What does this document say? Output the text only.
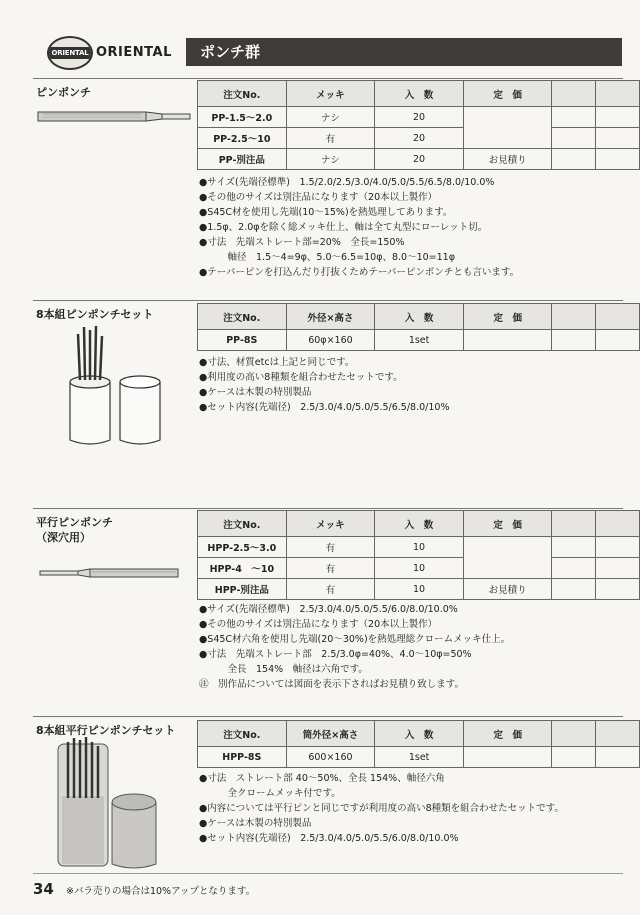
ORIENTAL ORIENTAL	ポンチ群
ピンポンチ	注文No.	メッキ	入　数	定　価		
PP-1.5〜2.0	ナシ	20			
PP-2.5〜10	有	20			
PP-別注品	ナシ	20	お見積り		
●サイズ(先端径標準)　1.5/2.0/2.5/3.0/4.0/5.0/5.5/6.5/8.0/10.0%
●その他のサイズは別注品になります（20本以上製作）
●S45C材を使用し先端(10〜15%)を熱処理してあります。
●1.5φ、2.0φを除く総メッキ仕上、軸は全て丸型にローレット切。
●寸法　先端ストレート部=20%　全長=150%
　　　軸径　1.5〜4=9φ、5.0〜6.5=10φ、8.0〜10=11φ
●テーパーピンを打込んだり打抜くためテーパーピンポンチとも言います。
8本組ピンポンチセット	注文No.	外径×高さ	入　数	定　価		
PP-8S	60φ×160	1set			
●寸法、材質etcは上記と同じです。
●利用度の高い8種類を組合わせたセットです。
●ケースは木製の特別製品
●セット内容(先端径)　2.5/3.0/4.0/5.0/5.5/6.5/8.0/10%
平行ピンポンチ
（深穴用）
注文No.	メッキ	入　数	定　価		
HPP-2.5〜3.0	有	10			
HPP-4　〜10	有	10			
HPP-別注品	有	10	お見積り		
●サイズ(先端径標準)　2.5/3.0/4.0/5.0/5.5/6.0/8.0/10.0%
●その他のサイズは別注品になります（20本以上製作）
●S45C材六角を使用し先端(20〜30%)を熱処理総クロームメッキ仕上。
●寸法　先端ストレート部　2.5/3.0φ=40%、4.0〜10φ=50%
　　　全長　154%　軸径は六角です。
㊟　別作品については図面を表示下さればお見積り致します。
8本組平行ピンポンチセット	注文No.	筒外径×高さ	入　数	定　価		
HPP-8S	600×160	1set			
●寸法　ストレート部 40〜50%、全長 154%、軸径六角
　　　全クロームメッキ付です。
●内容については平行ピンと同じですが利用度の高い8種類を組合わせたセットです。
●ケースは木製の特別製品
●セット内容(先端径)　2.5/3.0/4.0/5.0/5.5/6.0/8.0/10.0%
34 ※バラ売りの場合は10%アップとなります。
